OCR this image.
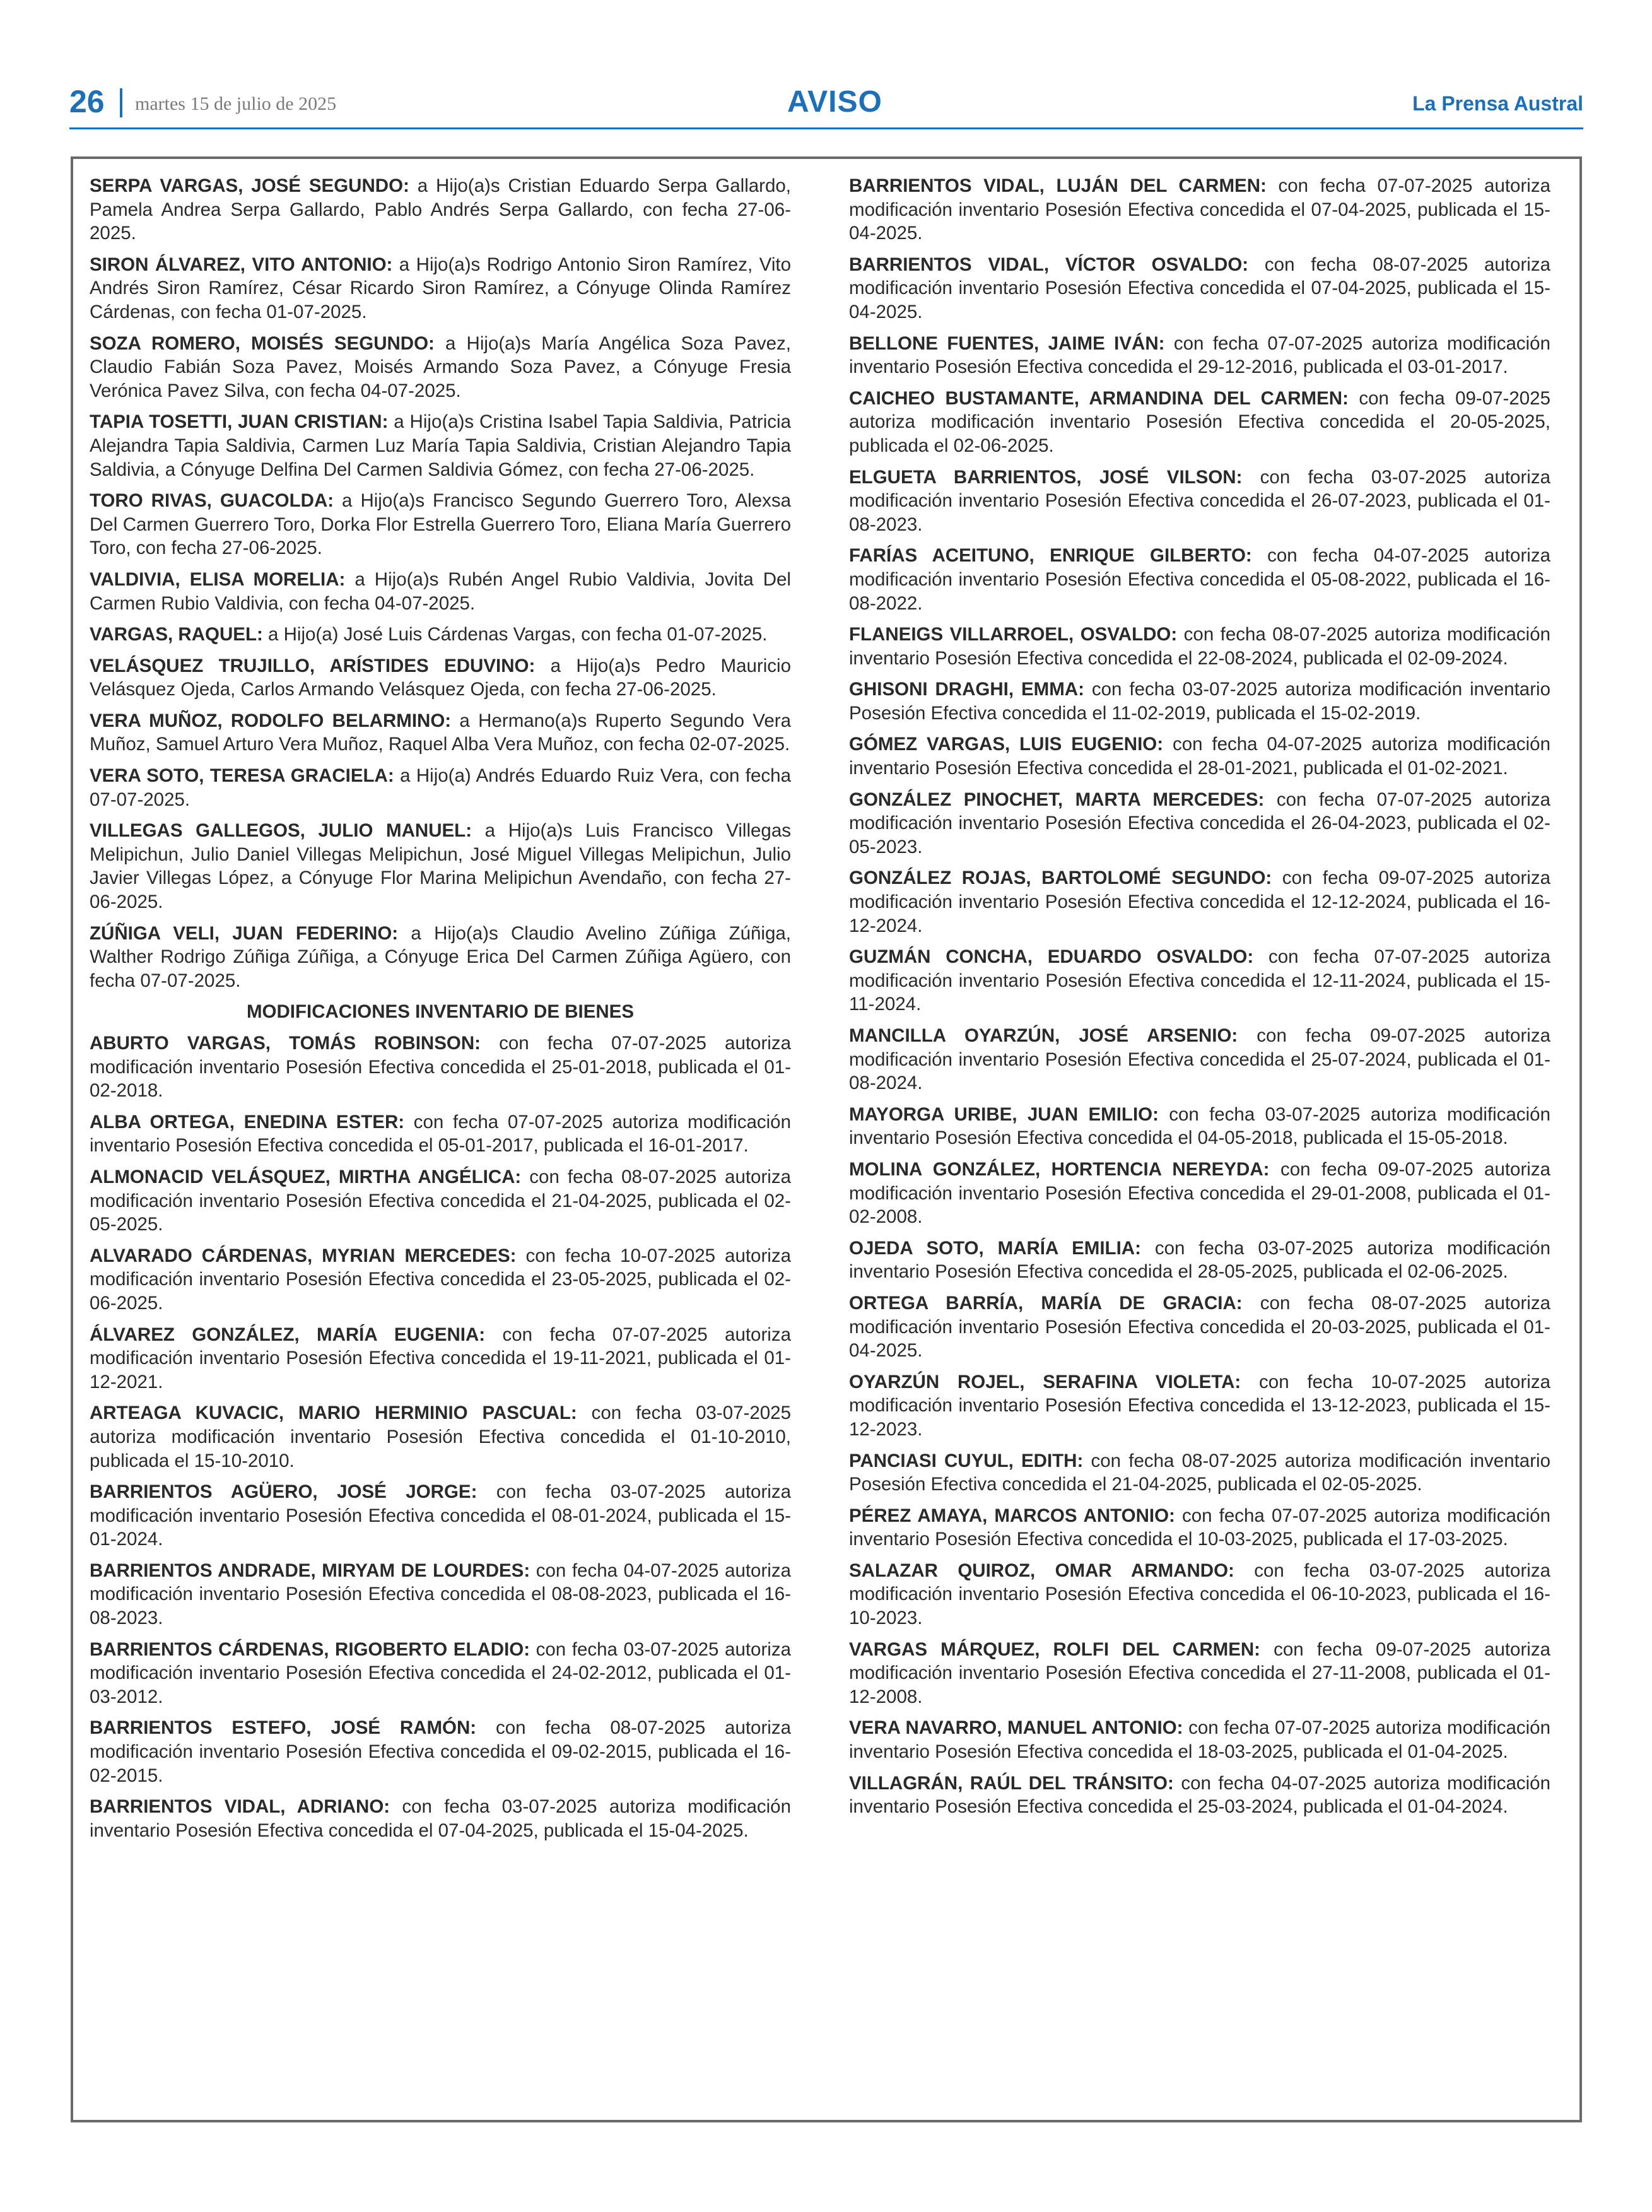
26 martes 15 de julio de 2025	AVISO	La Prensa Austral
SERPA VARGAS, JOSÉ SEGUNDO: a Hijo(a)s Cristian Eduardo Serpa Gallardo, Pamela Andrea Serpa Gallardo, Pablo Andrés Serpa Gallardo, con fecha 27-06-2025.
SIRON ÁLVAREZ, VITO ANTONIO: a Hijo(a)s Rodrigo Antonio Siron Ramírez, Vito Andrés Siron Ramírez, César Ricardo Siron Ramírez, a Cónyuge Olinda Ramírez Cárdenas, con fecha 01-07-2025.
SOZA ROMERO, MOISÉS SEGUNDO: a Hijo(a)s María Angélica Soza Pavez, Claudio Fabián Soza Pavez, Moisés Armando Soza Pavez, a Cónyuge Fresia Verónica Pavez Silva, con fecha 04-07-2025.
TAPIA TOSETTI, JUAN CRISTIAN: a Hijo(a)s Cristina Isabel Tapia Saldivia, Patricia Alejandra Tapia Saldivia, Carmen Luz María Tapia Saldivia, Cristian Alejandro Tapia Saldivia, a Cónyuge Delfina Del Carmen Saldivia Gómez, con fecha 27-06-2025.
TORO RIVAS, GUACOLDA: a Hijo(a)s Francisco Segundo Guerrero Toro, Alexsa Del Carmen Guerrero Toro, Dorka Flor Estrella Guerrero Toro, Eliana María Guerrero Toro, con fecha 27-06-2025.
VALDIVIA, ELISA MORELIA: a Hijo(a)s Rubén Angel Rubio Valdivia, Jovita Del Carmen Rubio Valdivia, con fecha 04-07-2025.
VARGAS, RAQUEL: a Hijo(a) José Luis Cárdenas Vargas, con fecha 01-07-2025.
VELÁSQUEZ TRUJILLO, ARÍSTIDES EDUVINO: a Hijo(a)s Pedro Mauricio Velásquez Ojeda, Carlos Armando Velásquez Ojeda, con fecha 27-06-2025.
VERA MUÑOZ, RODOLFO BELARMINO: a Hermano(a)s Ruperto Segundo Vera Muñoz, Samuel Arturo Vera Muñoz, Raquel Alba Vera Muñoz, con fecha 02-07-2025.
VERA SOTO, TERESA GRACIELA: a Hijo(a) Andrés Eduardo Ruiz Vera, con fecha 07-07-2025.
VILLEGAS GALLEGOS, JULIO MANUEL: a Hijo(a)s Luis Francisco Villegas Melipichun, Julio Daniel Villegas Melipichun, José Miguel Villegas Melipichun, Julio Javier Villegas López, a Cónyuge Flor Marina Melipichun Avendaño, con fecha 27-06-2025.
ZÚÑIGA VELI, JUAN FEDERINO: a Hijo(a)s Claudio Avelino Zúñiga Zúñiga, Walther Rodrigo Zúñiga Zúñiga, a Cónyuge Erica Del Carmen Zúñiga Agüero, con fecha 07-07-2025.
MODIFICACIONES INVENTARIO DE BIENES
ABURTO VARGAS, TOMÁS ROBINSON: con fecha 07-07-2025 autoriza modificación inventario Posesión Efectiva concedida el 25-01-2018, publicada el 01-02-2018.
ALBA ORTEGA, ENEDINA ESTER: con fecha 07-07-2025 autoriza modificación inventario Posesión Efectiva concedida el 05-01-2017, publicada el 16-01-2017.
ALMONACID VELÁSQUEZ, MIRTHA ANGÉLICA: con fecha 08-07-2025 autoriza modificación inventario Posesión Efectiva concedida el 21-04-2025, publicada el 02-05-2025.
ALVARADO CÁRDENAS, MYRIAN MERCEDES: con fecha 10-07-2025 autoriza modificación inventario Posesión Efectiva concedida el 23-05-2025, publicada el 02-06-2025.
ÁLVAREZ GONZÁLEZ, MARÍA EUGENIA: con fecha 07-07-2025 autoriza modificación inventario Posesión Efectiva concedida el 19-11-2021, publicada el 01-12-2021.
ARTEAGA KUVACIC, MARIO HERMINIO PASCUAL: con fecha 03-07-2025 autoriza modificación inventario Posesión Efectiva concedida el 01-10-2010, publicada el 15-10-2010.
BARRIENTOS AGÜERO, JOSÉ JORGE: con fecha 03-07-2025 autoriza modificación inventario Posesión Efectiva concedida el 08-01-2024, publicada el 15-01-2024.
BARRIENTOS ANDRADE, MIRYAM DE LOURDES: con fecha 04-07-2025 autoriza modificación inventario Posesión Efectiva concedida el 08-08-2023, publicada el 16-08-2023.
BARRIENTOS CÁRDENAS, RIGOBERTO ELADIO: con fecha 03-07-2025 autoriza modificación inventario Posesión Efectiva concedida el 24-02-2012, publicada el 01-03-2012.
BARRIENTOS ESTEFO, JOSÉ RAMÓN: con fecha 08-07-2025 autoriza modificación inventario Posesión Efectiva concedida el 09-02-2015, publicada el 16-02-2015.
BARRIENTOS VIDAL, ADRIANO: con fecha 03-07-2025 autoriza modificación inventario Posesión Efectiva concedida el 07-04-2025, publicada el 15-04-2025.
BARRIENTOS VIDAL, LUJÁN DEL CARMEN: con fecha 07-07-2025 autoriza modificación inventario Posesión Efectiva concedida el 07-04-2025, publicada el 15-04-2025.
BARRIENTOS VIDAL, VÍCTOR OSVALDO: con fecha 08-07-2025 autoriza modificación inventario Posesión Efectiva concedida el 07-04-2025, publicada el 15-04-2025.
BELLONE FUENTES, JAIME IVÁN: con fecha 07-07-2025 autoriza modificación inventario Posesión Efectiva concedida el 29-12-2016, publicada el 03-01-2017.
CAICHEO BUSTAMANTE, ARMANDINA DEL CARMEN: con fecha 09-07-2025 autoriza modificación inventario Posesión Efectiva concedida el 20-05-2025, publicada el 02-06-2025.
ELGUETA BARRIENTOS, JOSÉ VILSON: con fecha 03-07-2025 autoriza modificación inventario Posesión Efectiva concedida el 26-07-2023, publicada el 01-08-2023.
FARÍAS ACEITUNO, ENRIQUE GILBERTO: con fecha 04-07-2025 autoriza modificación inventario Posesión Efectiva concedida el 05-08-2022, publicada el 16-08-2022.
FLANEIGS VILLARROEL, OSVALDO: con fecha 08-07-2025 autoriza modificación inventario Posesión Efectiva concedida el 22-08-2024, publicada el 02-09-2024.
GHISONI DRAGHI, EMMA: con fecha 03-07-2025 autoriza modificación inventario Posesión Efectiva concedida el 11-02-2019, publicada el 15-02-2019.
GÓMEZ VARGAS, LUIS EUGENIO: con fecha 04-07-2025 autoriza modificación inventario Posesión Efectiva concedida el 28-01-2021, publicada el 01-02-2021.
GONZÁLEZ PINOCHET, MARTA MERCEDES: con fecha 07-07-2025 autoriza modificación inventario Posesión Efectiva concedida el 26-04-2023, publicada el 02-05-2023.
GONZÁLEZ ROJAS, BARTOLOMÉ SEGUNDO: con fecha 09-07-2025 autoriza modificación inventario Posesión Efectiva concedida el 12-12-2024, publicada el 16-12-2024.
GUZMÁN CONCHA, EDUARDO OSVALDO: con fecha 07-07-2025 autoriza modificación inventario Posesión Efectiva concedida el 12-11-2024, publicada el 15-11-2024.
MANCILLA OYARZÚN, JOSÉ ARSENIO: con fecha 09-07-2025 autoriza modificación inventario Posesión Efectiva concedida el 25-07-2024, publicada el 01-08-2024.
MAYORGA URIBE, JUAN EMILIO: con fecha 03-07-2025 autoriza modificación inventario Posesión Efectiva concedida el 04-05-2018, publicada el 15-05-2018.
MOLINA GONZÁLEZ, HORTENCIA NEREYDA: con fecha 09-07-2025 autoriza modificación inventario Posesión Efectiva concedida el 29-01-2008, publicada el 01-02-2008.
OJEDA SOTO, MARÍA EMILIA: con fecha 03-07-2025 autoriza modificación inventario Posesión Efectiva concedida el 28-05-2025, publicada el 02-06-2025.
ORTEGA BARRÍA, MARÍA DE GRACIA: con fecha 08-07-2025 autoriza modificación inventario Posesión Efectiva concedida el 20-03-2025, publicada el 01-04-2025.
OYARZÚN ROJEL, SERAFINA VIOLETA: con fecha 10-07-2025 autoriza modificación inventario Posesión Efectiva concedida el 13-12-2023, publicada el 15-12-2023.
PANCIASI CUYUL, EDITH: con fecha 08-07-2025 autoriza modificación inventario Posesión Efectiva concedida el 21-04-2025, publicada el 02-05-2025.
PÉREZ AMAYA, MARCOS ANTONIO: con fecha 07-07-2025 autoriza modificación inventario Posesión Efectiva concedida el 10-03-2025, publicada el 17-03-2025.
SALAZAR QUIROZ, OMAR ARMANDO: con fecha 03-07-2025 autoriza modificación inventario Posesión Efectiva concedida el 06-10-2023, publicada el 16-10-2023.
VARGAS MÁRQUEZ, ROLFI DEL CARMEN: con fecha 09-07-2025 autoriza modificación inventario Posesión Efectiva concedida el 27-11-2008, publicada el 01-12-2008.
VERA NAVARRO, MANUEL ANTONIO: con fecha 07-07-2025 autoriza modificación inventario Posesión Efectiva concedida el 18-03-2025, publicada el 01-04-2025.
VILLAGRÁN, RAÚL DEL TRÁNSITO: con fecha 04-07-2025 autoriza modificación inventario Posesión Efectiva concedida el 25-03-2024, publicada el 01-04-2024.
